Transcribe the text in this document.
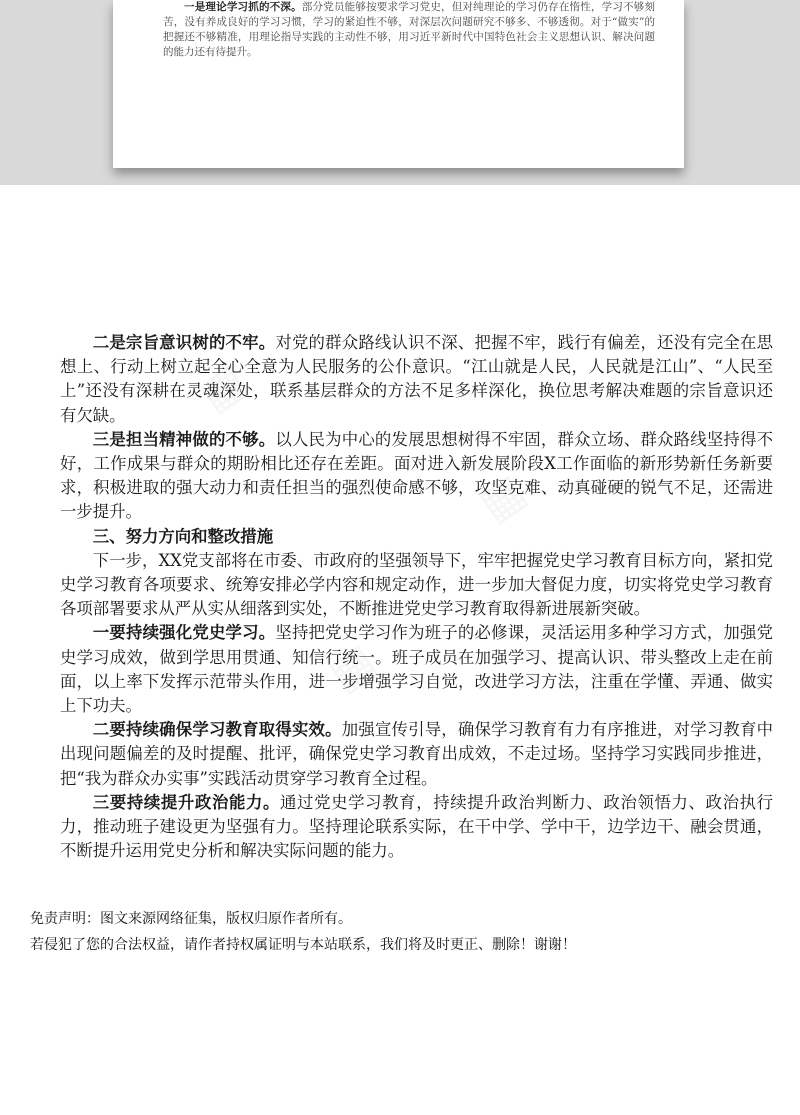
一是理论学习抓的不深。部分党员能够按要求学习党史，但对纯理论的学习仍存在惰性，学习不够刻苦，没有养成良好的学习习惯，学习的紧迫性不够，对深层次问题研究不够多、不够透彻。对于“做实”的把握还不够精准，用理论指导实践的主动性不够，用习近平新时代中国特色社会主义思想认识、解决问题的能力还有待提升。

二是宗旨意识树的不牢。对党的群众路线认识不深、把握不牢，践行有偏差，还没有完全在思想上、行动上树立起全心全意为人民服务的公仆意识。“江山就是人民，人民就是江山”、“人民至上”还没有深耕在灵魂深处，联系基层群众的方法不足多样深化，换位思考解决难题的宗旨意识还有欠缺。

三是担当精神做的不够。以人民为中心的发展思想树得不牢固，群众立场、群众路线坚持得不好，工作成果与群众的期盼相比还存在差距。面对进入新发展阶段X工作面临的新形势新任务新要求，积极进取的强大动力和责任担当的强烈使命感不够，攻坚克难、动真碰硬的锐气不足，还需进一步提升。

三、努力方向和整改措施

下一步，XX党支部将在市委、市政府的坚强领导下，牢牢把握党史学习教育目标方向，紧扣党史学习教育各项要求、统筹安排必学内容和规定动作，进一步加大督促力度，切实将党史学习教育各项部署要求从严从实从细落到实处，不断推进党史学习教育取得新进展新突破。

一要持续强化党史学习。坚持把党史学习作为班子的必修课，灵活运用多种学习方式，加强党史学习成效，做到学思用贯通、知信行统一。班子成员在加强学习、提高认识、带头整改上走在前面，以上率下发挥示范带头作用，进一步增强学习自觉，改进学习方法，注重在学懂、弄通、做实上下功夫。

二要持续确保学习教育取得实效。加强宣传引导，确保学习教育有力有序推进，对学习教育中出现问题偏差的及时提醒、批评，确保党史学习教育出成效，不走过场。坚持学习实践同步推进，把“我为群众办实事”实践活动贯穿学习教育全过程。

三要持续提升政治能力。通过党史学习教育，持续提升政治判断力、政治领悟力、政治执行力，推动班子建设更为坚强有力。坚持理论联系实际，在干中学、学中干，边学边干、融会贯通，不断提升运用党史分析和解决实际问题的能力。

免责声明：图文来源网络征集，版权归原作者所有。

若侵犯了您的合法权益，请作者持权属证明与本站联系，我们将及时更正、删除！谢谢！
